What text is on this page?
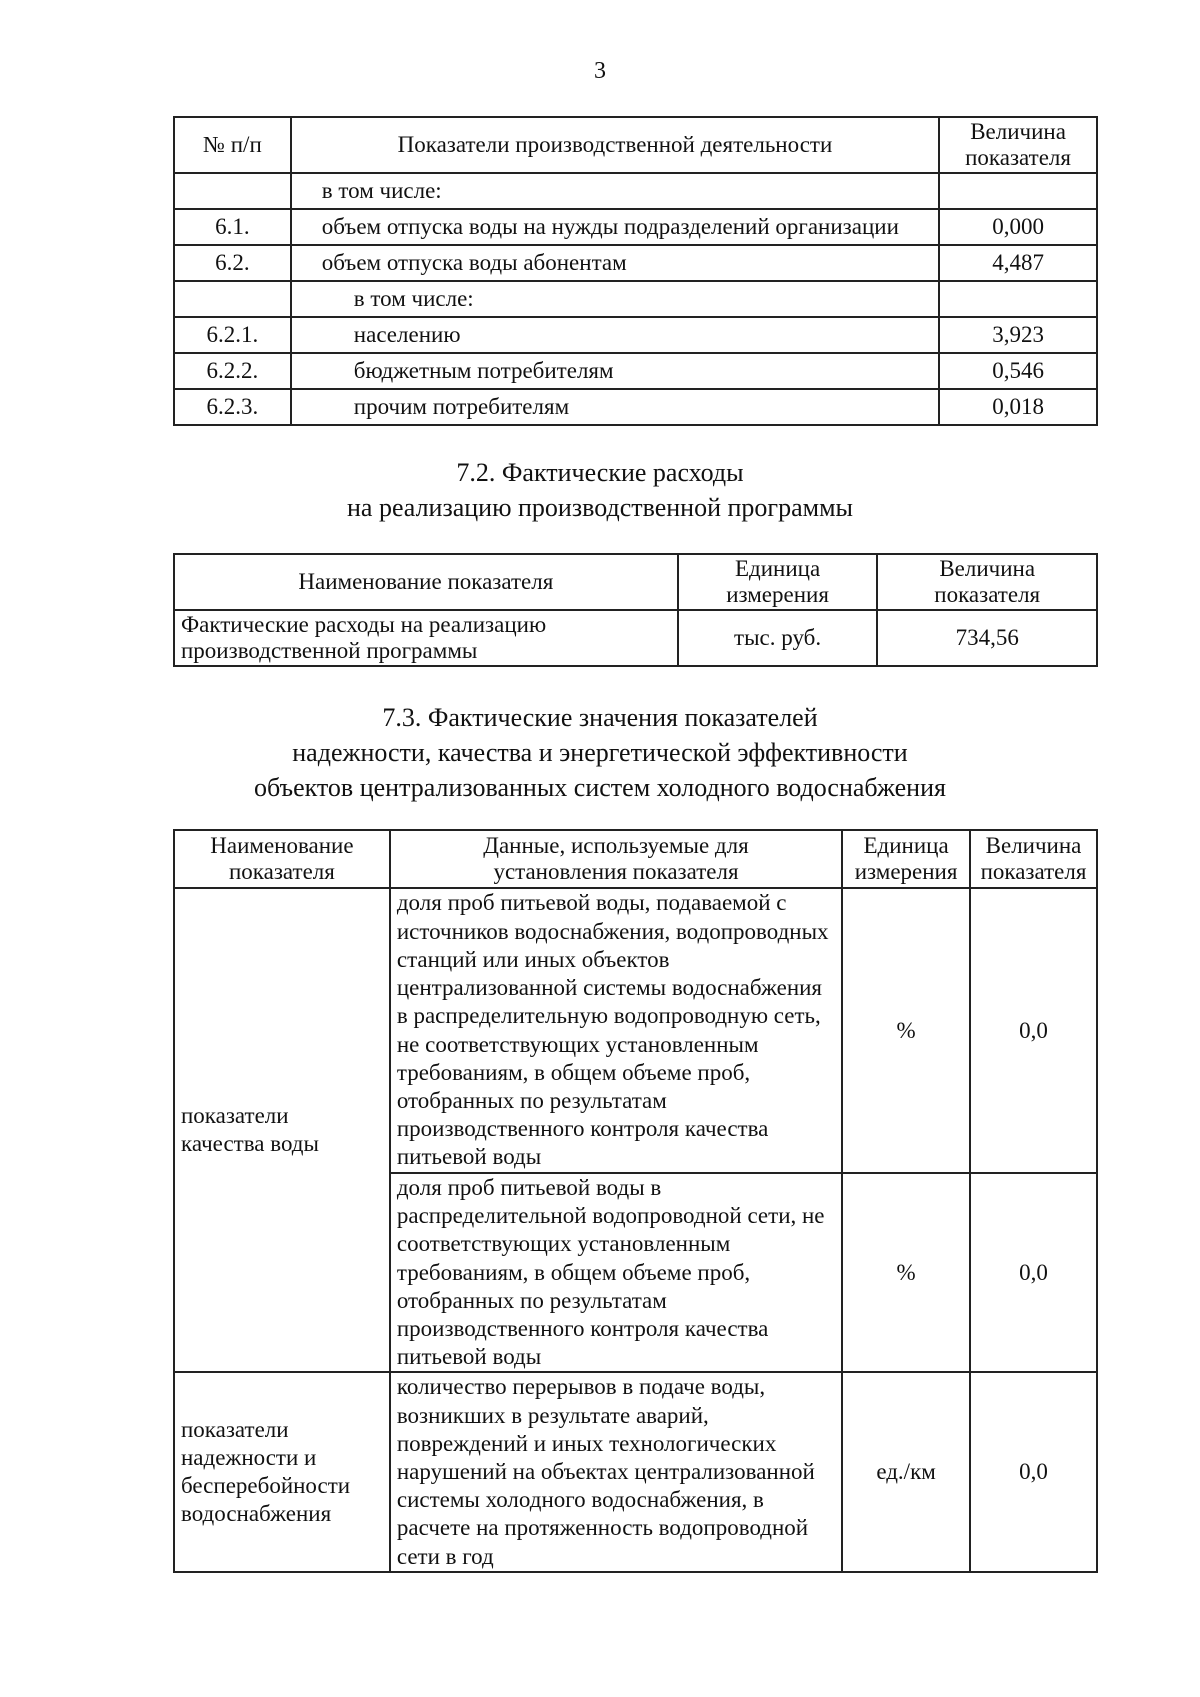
3
№ п/п	Показатели производственной деятельности	Величина показателя
	в том числе:	
6.1.	объем отпуска воды на нужды подразделений организации	0,000
6.2.	объем отпуска воды абонентам	4,487
	в том числе:	
6.2.1.	населению	3,923
6.2.2.	бюджетным потребителям	0,546
6.2.3.	прочим потребителям	0,018
7.2. Фактические расходы
на реализацию производственной программы
Наименование показателя	Единица измерения	Величина показателя
Фактические расходы на реализацию производственной программы	тыс. руб.	734,56
7.3. Фактические значения показателей
надежности, качества и энергетической эффективности
объектов централизованных систем холодного водоснабжения
Наименование показателя	Данные, используемые для установления показателя	Единица измерения	Величина показателя
показатели качества воды	доля проб питьевой воды, подаваемой с источников водоснабжения, водопроводных станций или иных объектов централизованной системы водоснабжения в распределительную водопроводную сеть, не соответствующих установленным требованиям, в общем объеме проб, отобранных по результатам производственного контроля качества питьевой воды	%	0,0
	доля проб питьевой воды в распределительной водопроводной сети, не соответствующих установленным требованиям, в общем объеме проб, отобранных по результатам производственного контроля качества питьевой воды	%	0,0
показатели надежности и бесперебойности водоснабжения	количество перерывов в подаче воды, возникших в результате аварий, повреждений и иных технологических нарушений на объектах централизованной системы холодного водоснабжения, в расчете на протяженность водопроводной сети в год	ед./км	0,0
